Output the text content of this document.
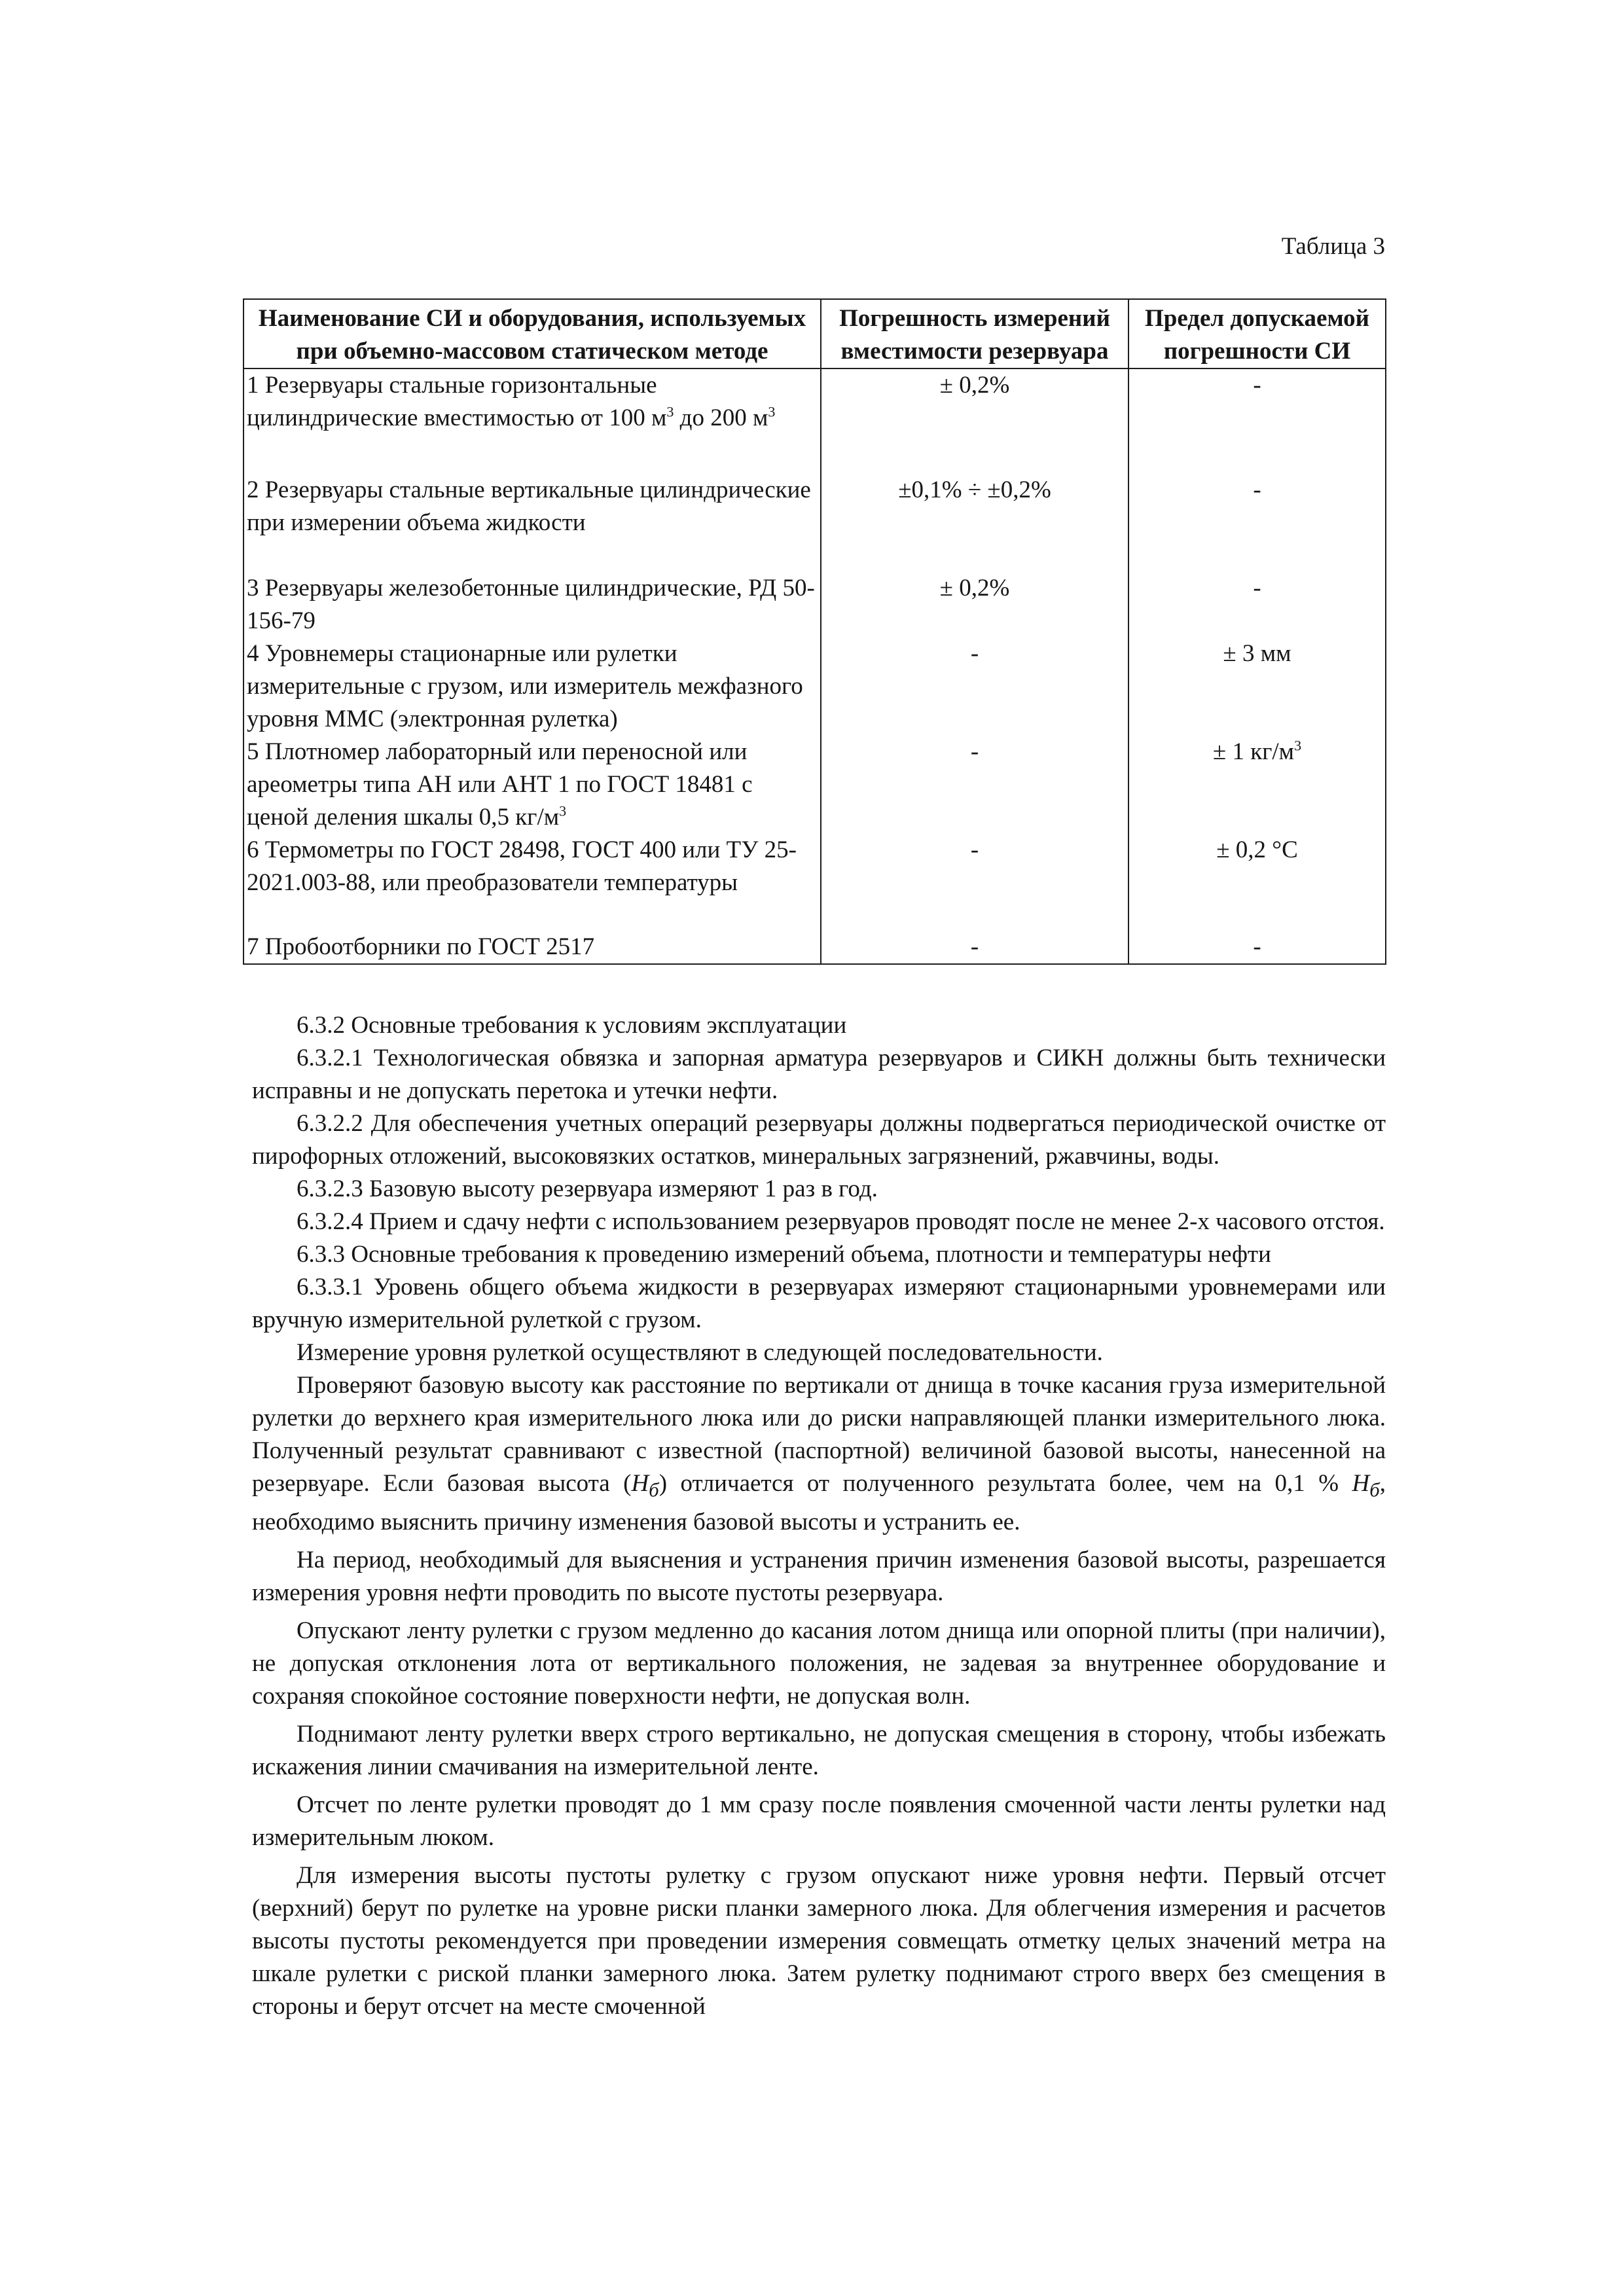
Таблица 3
Наименование СИ и оборудования, используемых при объемно-массовом статическом методе	Погрешность измерений вместимости резервуара	Предел допускаемой погрешности СИ
1 Резервуары стальные горизонтальные цилиндрические вместимостью от 100 $м^3$ до 200 $м^3$	± 0,2%	-
2 Резервуары стальные вертикальные цилиндрические при измерении объема жидкости	±0,1% ÷ ±0,2%	-
3 Резервуары железобетонные цилиндрические, РД 50-156-79	± 0,2%	-
4 Уровнемеры стационарные или рулетки измерительные с грузом, или измеритель межфазного уровня ММС (электронная рулетка)	-	± 3 мм
5 Плотномер лабораторный или переносной или ареометры типа АН или АНТ 1 по ГОСТ 18481 с ценой деления шкалы 0,5 $кг/м^3$	-	± 1 $кг/м^3$
6 Термометры по ГОСТ 28498, ГОСТ 400 или ТУ 25-2021.003-88, или преобразователи температуры	-	± 0,2 °С
7 Пробоотборники по ГОСТ 2517	-	-

6.3.2 Основные требования к условиям эксплуатации

6.3.2.1 Технологическая обвязка и запорная арматура резервуаров и СИКН должны быть технически исправны и не допускать перетока и утечки нефти.

6.3.2.2 Для обеспечения учетных операций резервуары должны подвергаться периодической очистке от пирофорных отложений, высоковязких остатков, минеральных загрязнений, ржавчины, воды.

6.3.2.3 Базовую высоту резервуара измеряют 1 раз в год.

6.3.2.4 Прием и сдачу нефти с использованием резервуаров проводят после не менее 2-х часового отстоя.

6.3.3 Основные требования к проведению измерений объема, плотности и температуры нефти

6.3.3.1 Уровень общего объема жидкости в резервуарах измеряют стационарными уровнемерами или вручную измерительной рулеткой с грузом.

Измерение уровня рулеткой осуществляют в следующей последовательности.

Проверяют базовую высоту как расстояние по вертикали от днища в точке касания груза измерительной рулетки до верхнего края измерительного люка или до риски направляющей планки измерительного люка. Полученный результат сравнивают с известной (паспортной) величиной базовой высоты, нанесенной на резервуаре. Если базовая высота $(Н_б)$ отличается от полученного результата более, чем на 0,1 % $Н_б$, необходимо выяснить причину изменения базовой высоты и устранить ее.

На период, необходимый для выяснения и устранения причин изменения базовой высоты, разрешается измерения уровня нефти проводить по высоте пустоты резервуара.

Опускают ленту рулетки с грузом медленно до касания лотом днища или опорной плиты (при наличии), не допуская отклонения лота от вертикального положения, не задевая за внутреннее оборудование и сохраняя спокойное состояние поверхности нефти, не допуская волн.

Поднимают ленту рулетки вверх строго вертикально, не допуская смещения в сторону, чтобы избежать искажения линии смачивания на измерительной ленте.

Отсчет по ленте рулетки проводят до 1 мм сразу после появления смоченной части ленты рулетки над измерительным люком.

Для измерения высоты пустоты рулетку с грузом опускают ниже уровня нефти. Первый отсчет (верхний) берут по рулетке на уровне риски планки замерного люка. Для облегчения измерения и расчетов высоты пустоты рекомендуется при проведении измерения совмещать отметку целых значений метра на шкале рулетки с риской планки замерного люка. Затем рулетку поднимают строго вверх без смещения в стороны и берут отсчет на месте смоченной
